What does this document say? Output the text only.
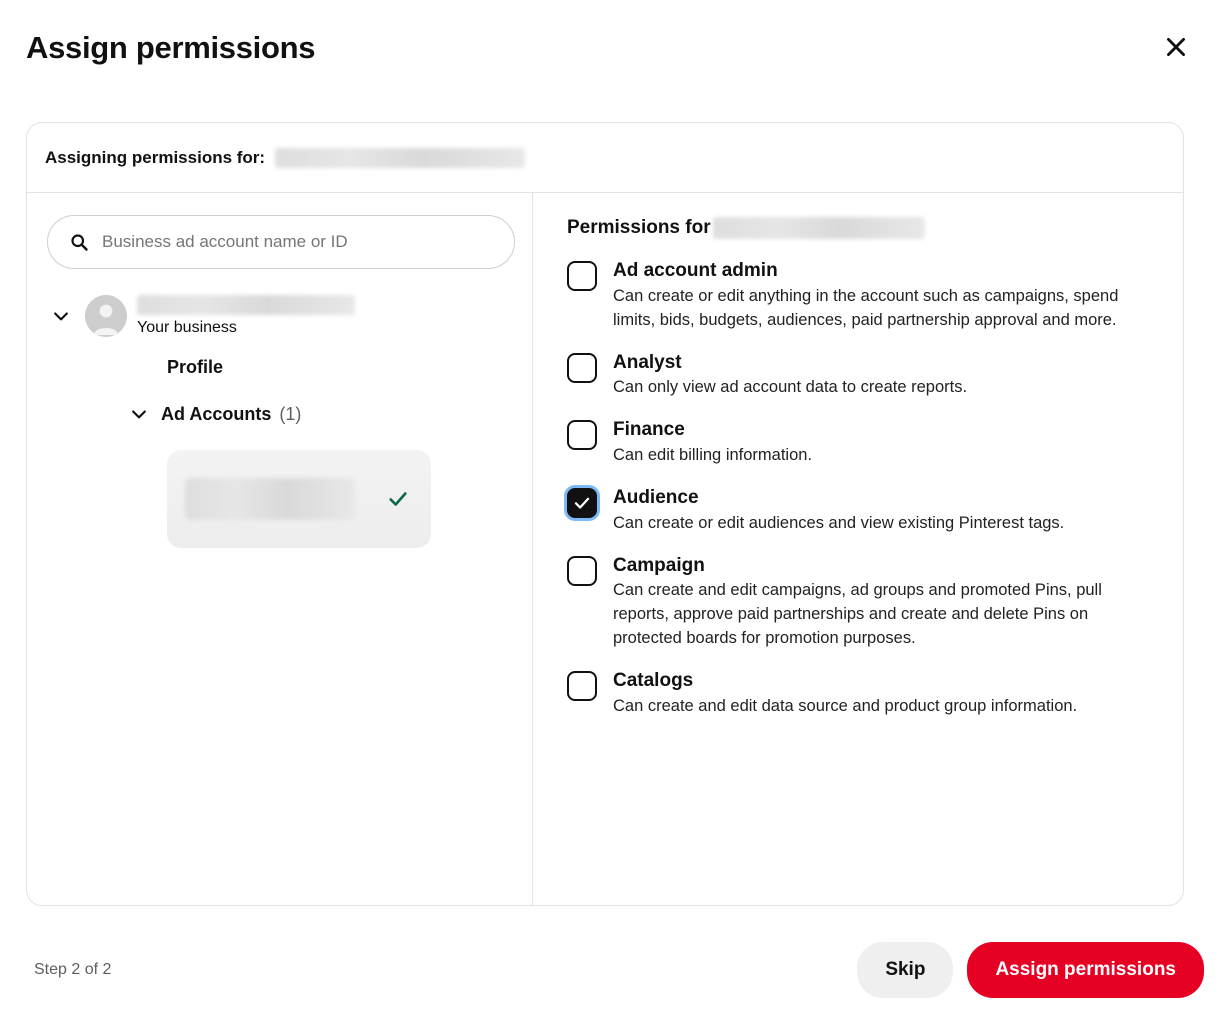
Assign permissions
Assigning permissions for:
Business ad account name or ID
Your business
Profile
Ad Accounts (1)
Permissions for
Ad account admin
Can create or edit anything in the account such as campaigns, spend limits, bids, budgets, audiences, paid partnership approval and more.
Analyst
Can only view ad account data to create reports.
Finance
Can edit billing information.
Audience
Can create or edit audiences and view existing Pinterest tags.
Campaign
Can create and edit campaigns, ad groups and promoted Pins, pull reports, approve paid partnerships and create and delete Pins on protected boards for promotion purposes.
Catalogs
Can create and edit data source and product group information.
Step 2 of 2	Skip	Assign permissions
